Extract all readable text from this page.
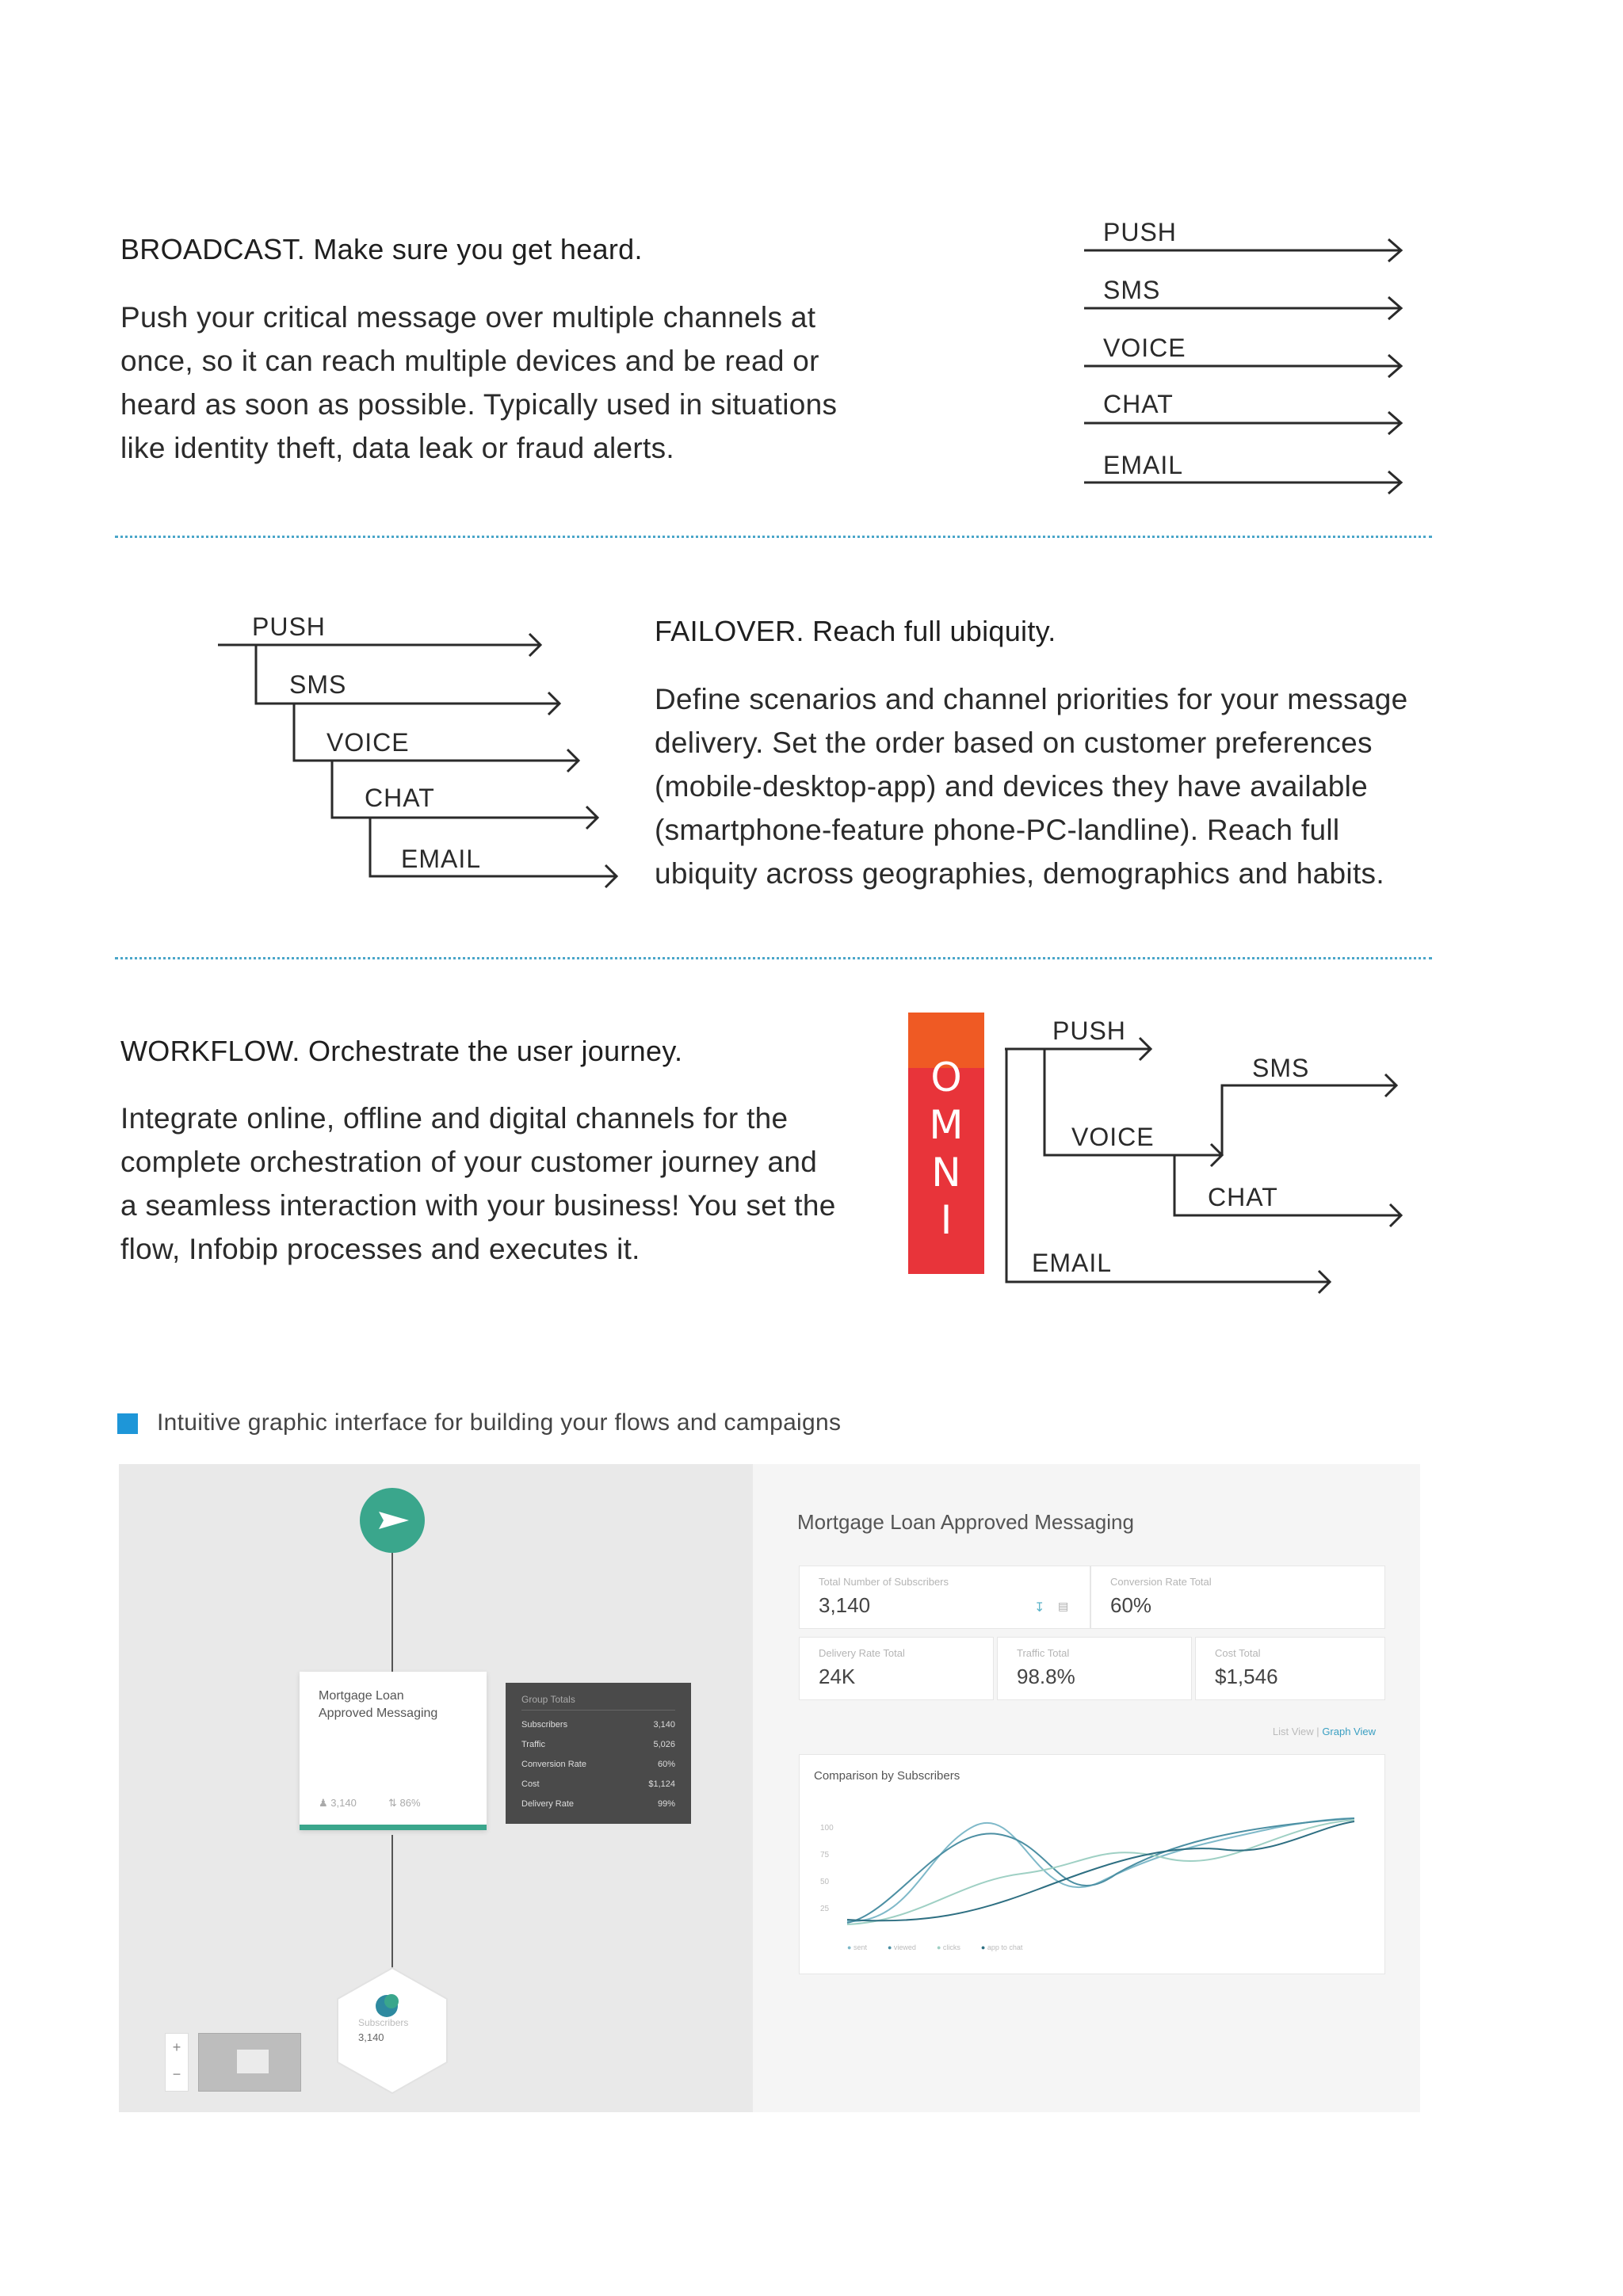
BROADCAST. Make sure you get heard.

Push your critical message over multiple channels at

once, so it can reach multiple devices and be read or

heard as soon as possible. Typically used in situations

like identity theft, data leak or fraud alerts.

PUSH
SMS
VOICE
CHAT
EMAIL
PUSH
SMS
VOICE
CHAT
EMAIL
FAILOVER. Reach full ubiquity.

Define scenarios and channel priorities for your message

delivery. Set the order based on customer preferences

(mobile-desktop-app) and devices they have available

(smartphone-feature phone-PC-landline). Reach full

ubiquity across geographies, demographics and habits.

WORKFLOW. Orchestrate the user journey.

Integrate online, offline and digital channels for the

complete orchestration of your customer journey and

a seamless interaction with your business! You set the

flow, Infobip processes and executes it.

O
M
N
I
PUSH
SMS
VOICE
CHAT
EMAIL
Intuitive graphic interface for building your flows and campaigns
Mortgage Loan Approved Messaging
♟ 3,140	⇅ 86%
Group Totals
Subscribers	3,140
Traffic	5,026
Conversion Rate	60%
Cost	$1,124
Delivery Rate	99%
Subscribers
3,140
+
−
Mortgage Loan Approved Messaging
Total Number of Subscribers
3,140	↧ ▤
Conversion Rate Total
60%
Delivery Rate Total
24K
Traffic Total
98.8%
Cost Total
$1,546
List View | Graph View
Comparison by Subscribers
100
75
50
25
● sent	● viewed	● clicks	● app to chat
